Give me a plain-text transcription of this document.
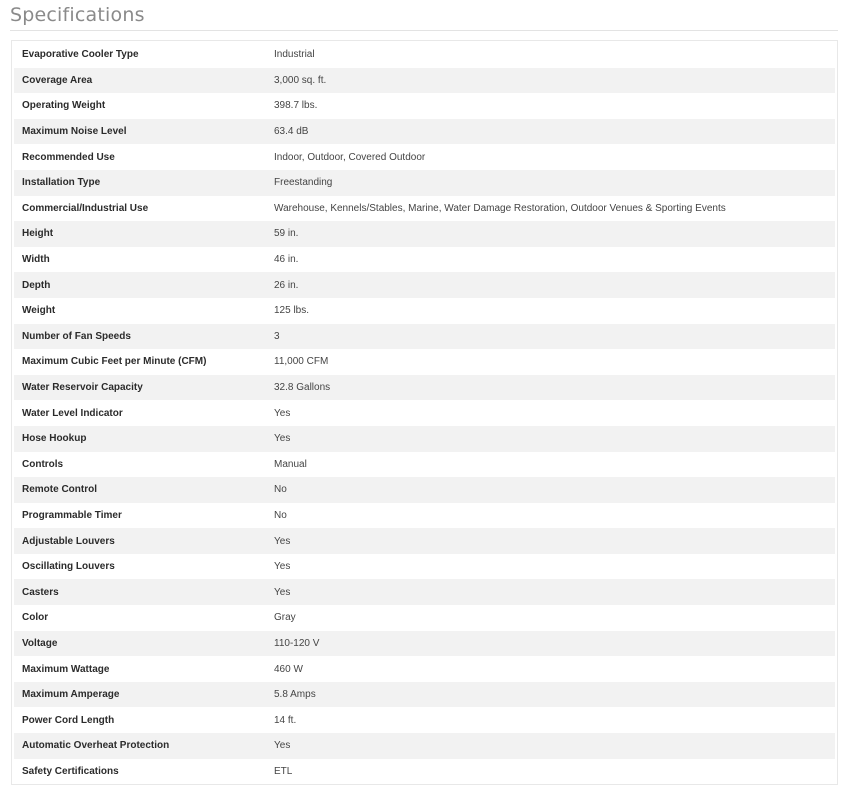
Specifications
Evaporative Cooler Type	Industrial
Coverage Area	3,000 sq. ft.
Operating Weight	398.7 lbs.
Maximum Noise Level	63.4 dB
Recommended Use	Indoor, Outdoor, Covered Outdoor
Installation Type	Freestanding
Commercial/Industrial Use	Warehouse, Kennels/Stables, Marine, Water Damage Restoration, Outdoor Venues & Sporting Events
Height	59 in.
Width	46 in.
Depth	26 in.
Weight	125 lbs.
Number of Fan Speeds	3
Maximum Cubic Feet per Minute (CFM)	11,000 CFM
Water Reservoir Capacity	32.8 Gallons
Water Level Indicator	Yes
Hose Hookup	Yes
Controls	Manual
Remote Control	No
Programmable Timer	No
Adjustable Louvers	Yes
Oscillating Louvers	Yes
Casters	Yes
Color	Gray
Voltage	110-120 V
Maximum Wattage	460 W
Maximum Amperage	5.8 Amps
Power Cord Length	14 ft.
Automatic Overheat Protection	Yes
Safety Certifications	ETL
